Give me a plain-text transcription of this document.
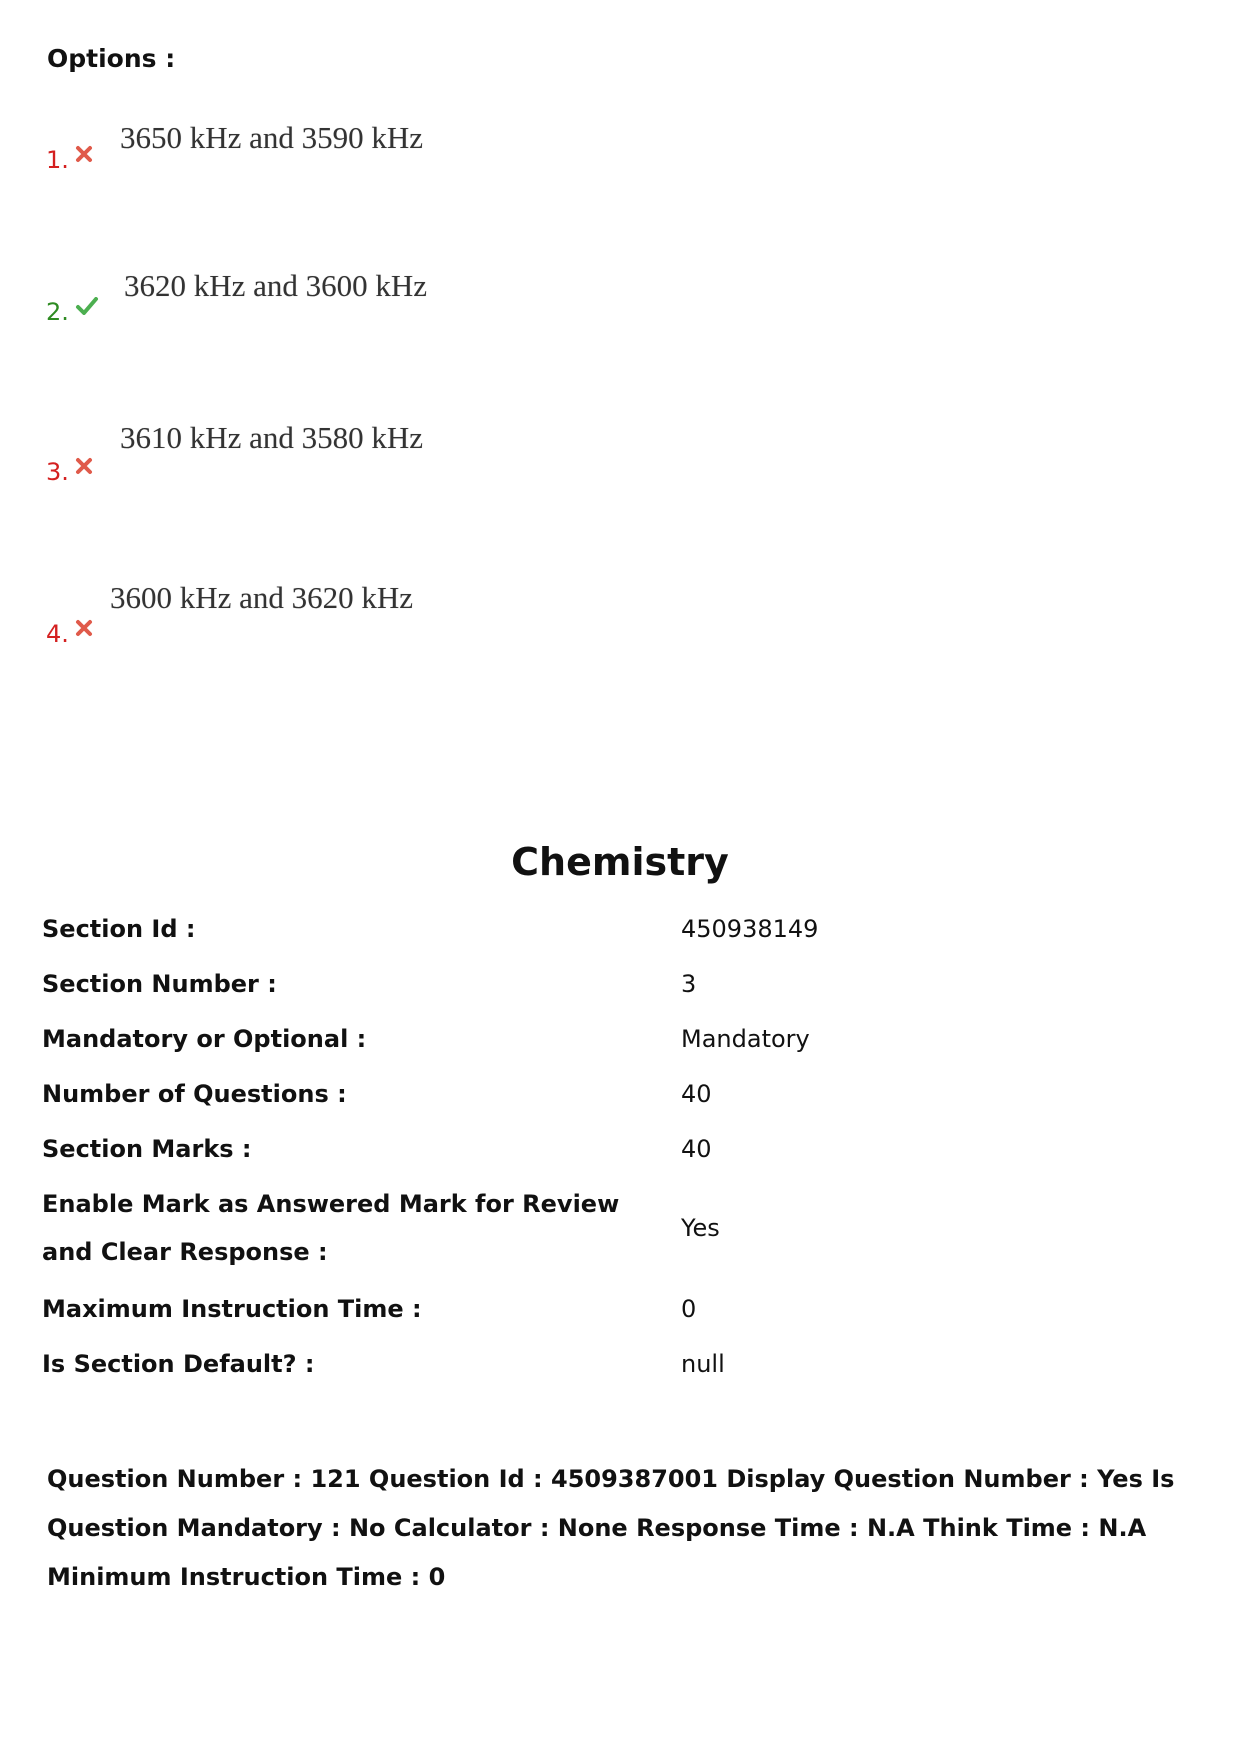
Options :
1.
3650 kHz and 3590 kHz
2.
3620 kHz and 3600 kHz
3.
3610 kHz and 3580 kHz
4.
3600 kHz and 3620 kHz
Chemistry
Section Id :	450938149
Section Number :	3
Mandatory or Optional :	Mandatory
Number of Questions :	40
Section Marks :	40
Enable Mark as Answered Mark for Review and Clear Response :
Yes
Maximum Instruction Time :	0
Is Section Default? :	null
Question Number : 121 Question Id : 4509387001 Display Question Number : Yes Is Question Mandatory : No Calculator : None Response Time : N.A Think Time : N.A Minimum Instruction Time : 0
